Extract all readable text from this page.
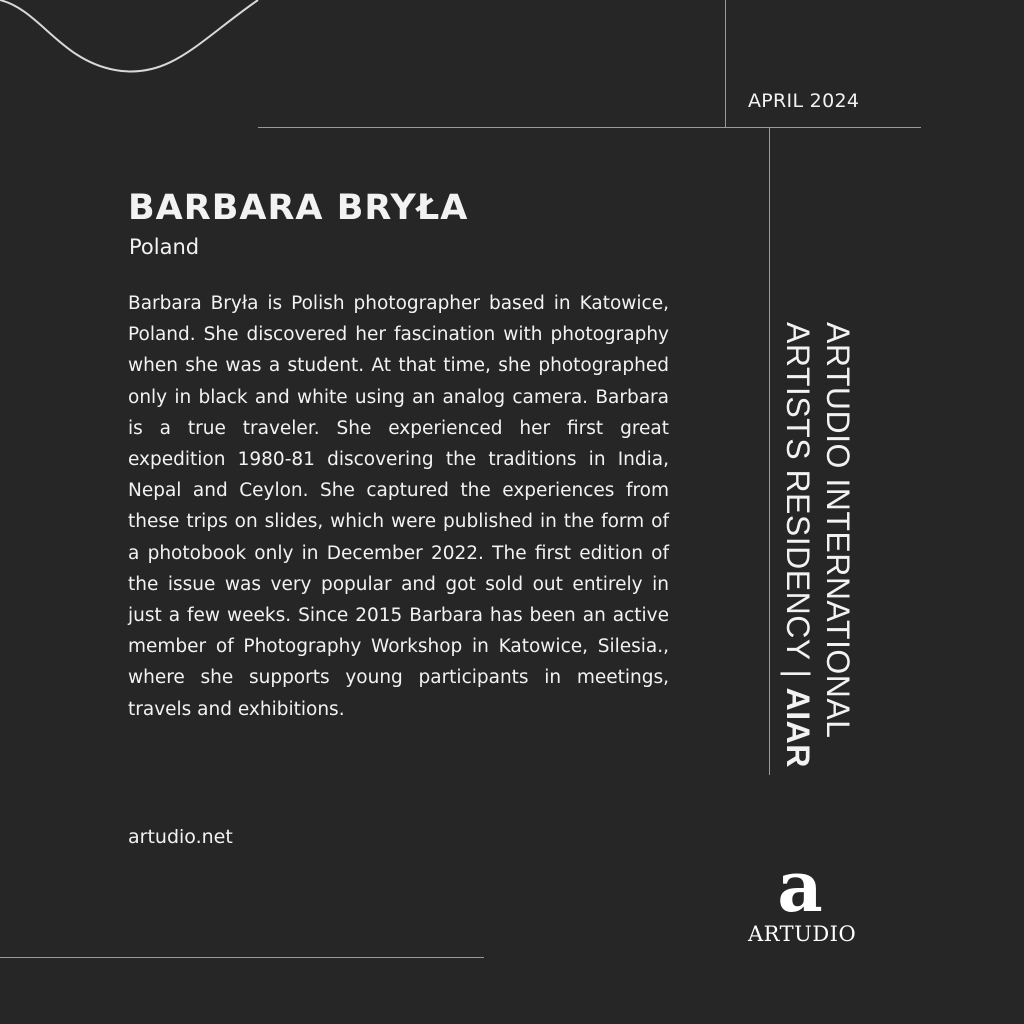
APRIL 2024
BARBARA BRYŁA
Poland

Barbara Bryła is Polish photographer based in Katowice, Poland. She discovered her fascination with photography when she was a student. At that time, she photographed only in black and white using an analog camera. Barbara is a true traveler. She experienced her first great expedition 1980-81 discovering the traditions in India, Nepal and Ceylon. She captured the experiences from these trips on slides, which were published in the form of a photobook only in December 2022. The first edition of the issue was very popular and got sold out entirely in just a few weeks. Since 2015 Barbara has been an active member of Photography Workshop in Katowice, Silesia., where she supports young participants in meetings, travels and exhibitions.

artudio.net
ARTUDIO INTERNATIONAL
ARTISTS RESIDENCY | AIAR
a
ARTUDIO
